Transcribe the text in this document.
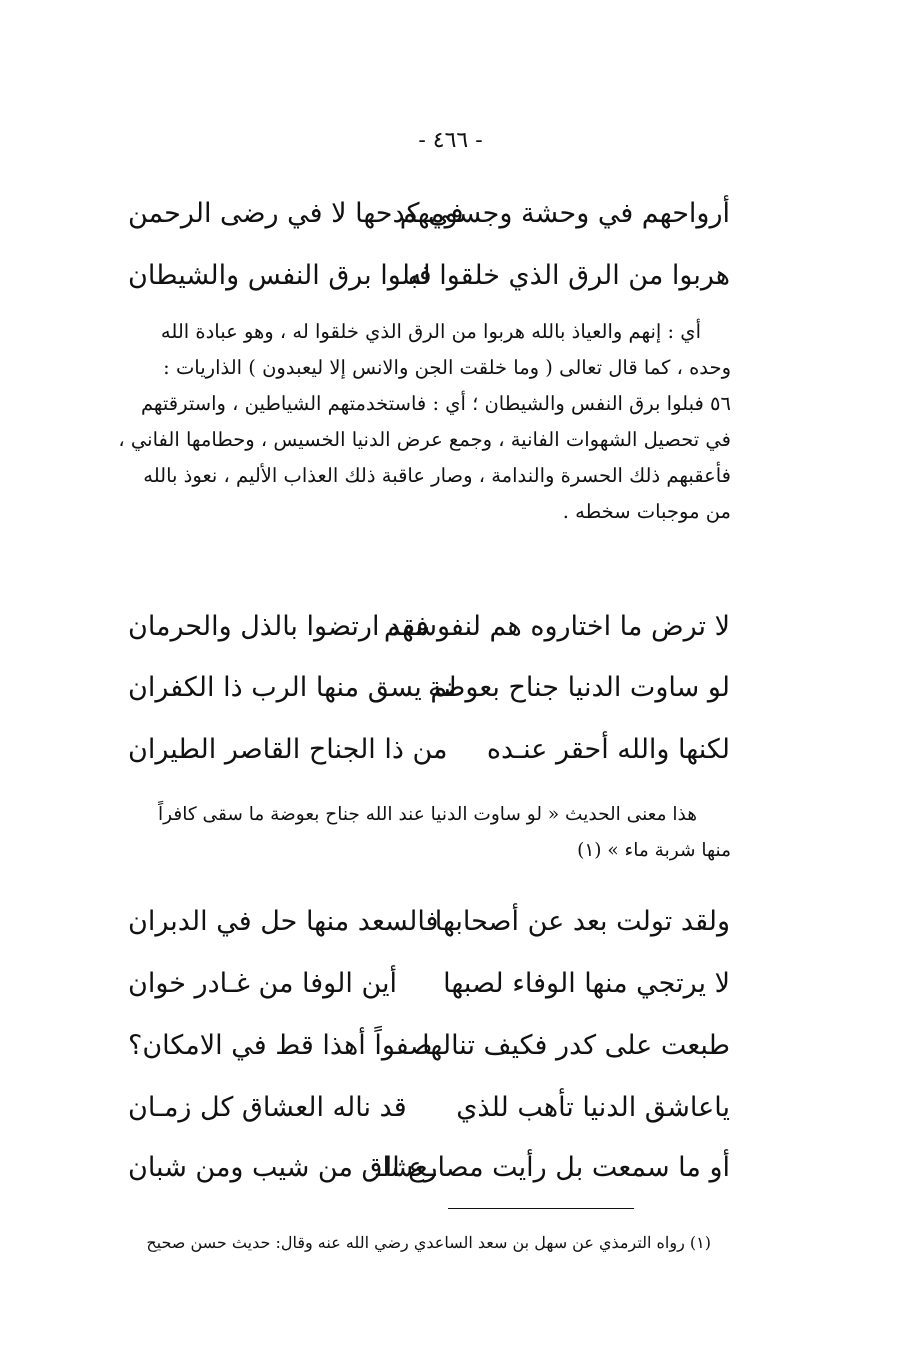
- ٤٦٦ -
أرواحهم في وحشة وجسومهم
في كدحها لا في رضى الرحمن
هربوا من الرق الذي خلقوا له
فبلوا برق النفس والشيطان
أي : إنهم والعياذ بالله هربوا من الرق الذي خلقوا له ، وهو عبادة الله
وحده ، كما قال تعالى ( وما خلقت الجن والانس إلا ليعبدون ) الذاريات :
٥٦ فبلوا برق النفس والشيطان ؛ أي : فاستخدمتهم الشياطين ، واسترقتهم
في تحصيل الشهوات الفانية ، وجمع عرض الدنيا الخسيس ، وحطامها الفاني ،
فأعقبهم ذلك الحسرة والندامة ، وصار عاقبة ذلك العذاب الأليم ، نعوذ بالله
من موجبات سخطه .
لا ترض ما اختاروه هم لنفوسهم
فقد ارتضوا بالذل والحرمان
لو ساوت الدنيا جناح بعوضة
لم يسق منها الرب ذا الكفران
لكنها والله أحقر عنـده
من ذا الجناح القاصر الطيران
هذا معنى الحديث « لو ساوت الدنيا عند الله جناح بعوضة ما سقى كافراً
منها شربة ماء » (١)
ولقد تولت بعد عن أصحابها
فالسعد منها حل في الدبران
لا يرتجي منها الوفاء لصبها
أين الوفا من غـادر خوان
طبعت على كدر فكيف تنالها
صفواً أهذا قط في الامكان؟
ياعاشق الدنيا تأهب للذي
قد ناله العشاق كل زمـان
أو ما سمعت بل رأيت مصارع الـ
ـعشاق من شيب ومن شبان
(١) رواه الترمذي عن سهل بن سعد الساعدي رضي الله عنه وقال: حديث حسن صحيح
